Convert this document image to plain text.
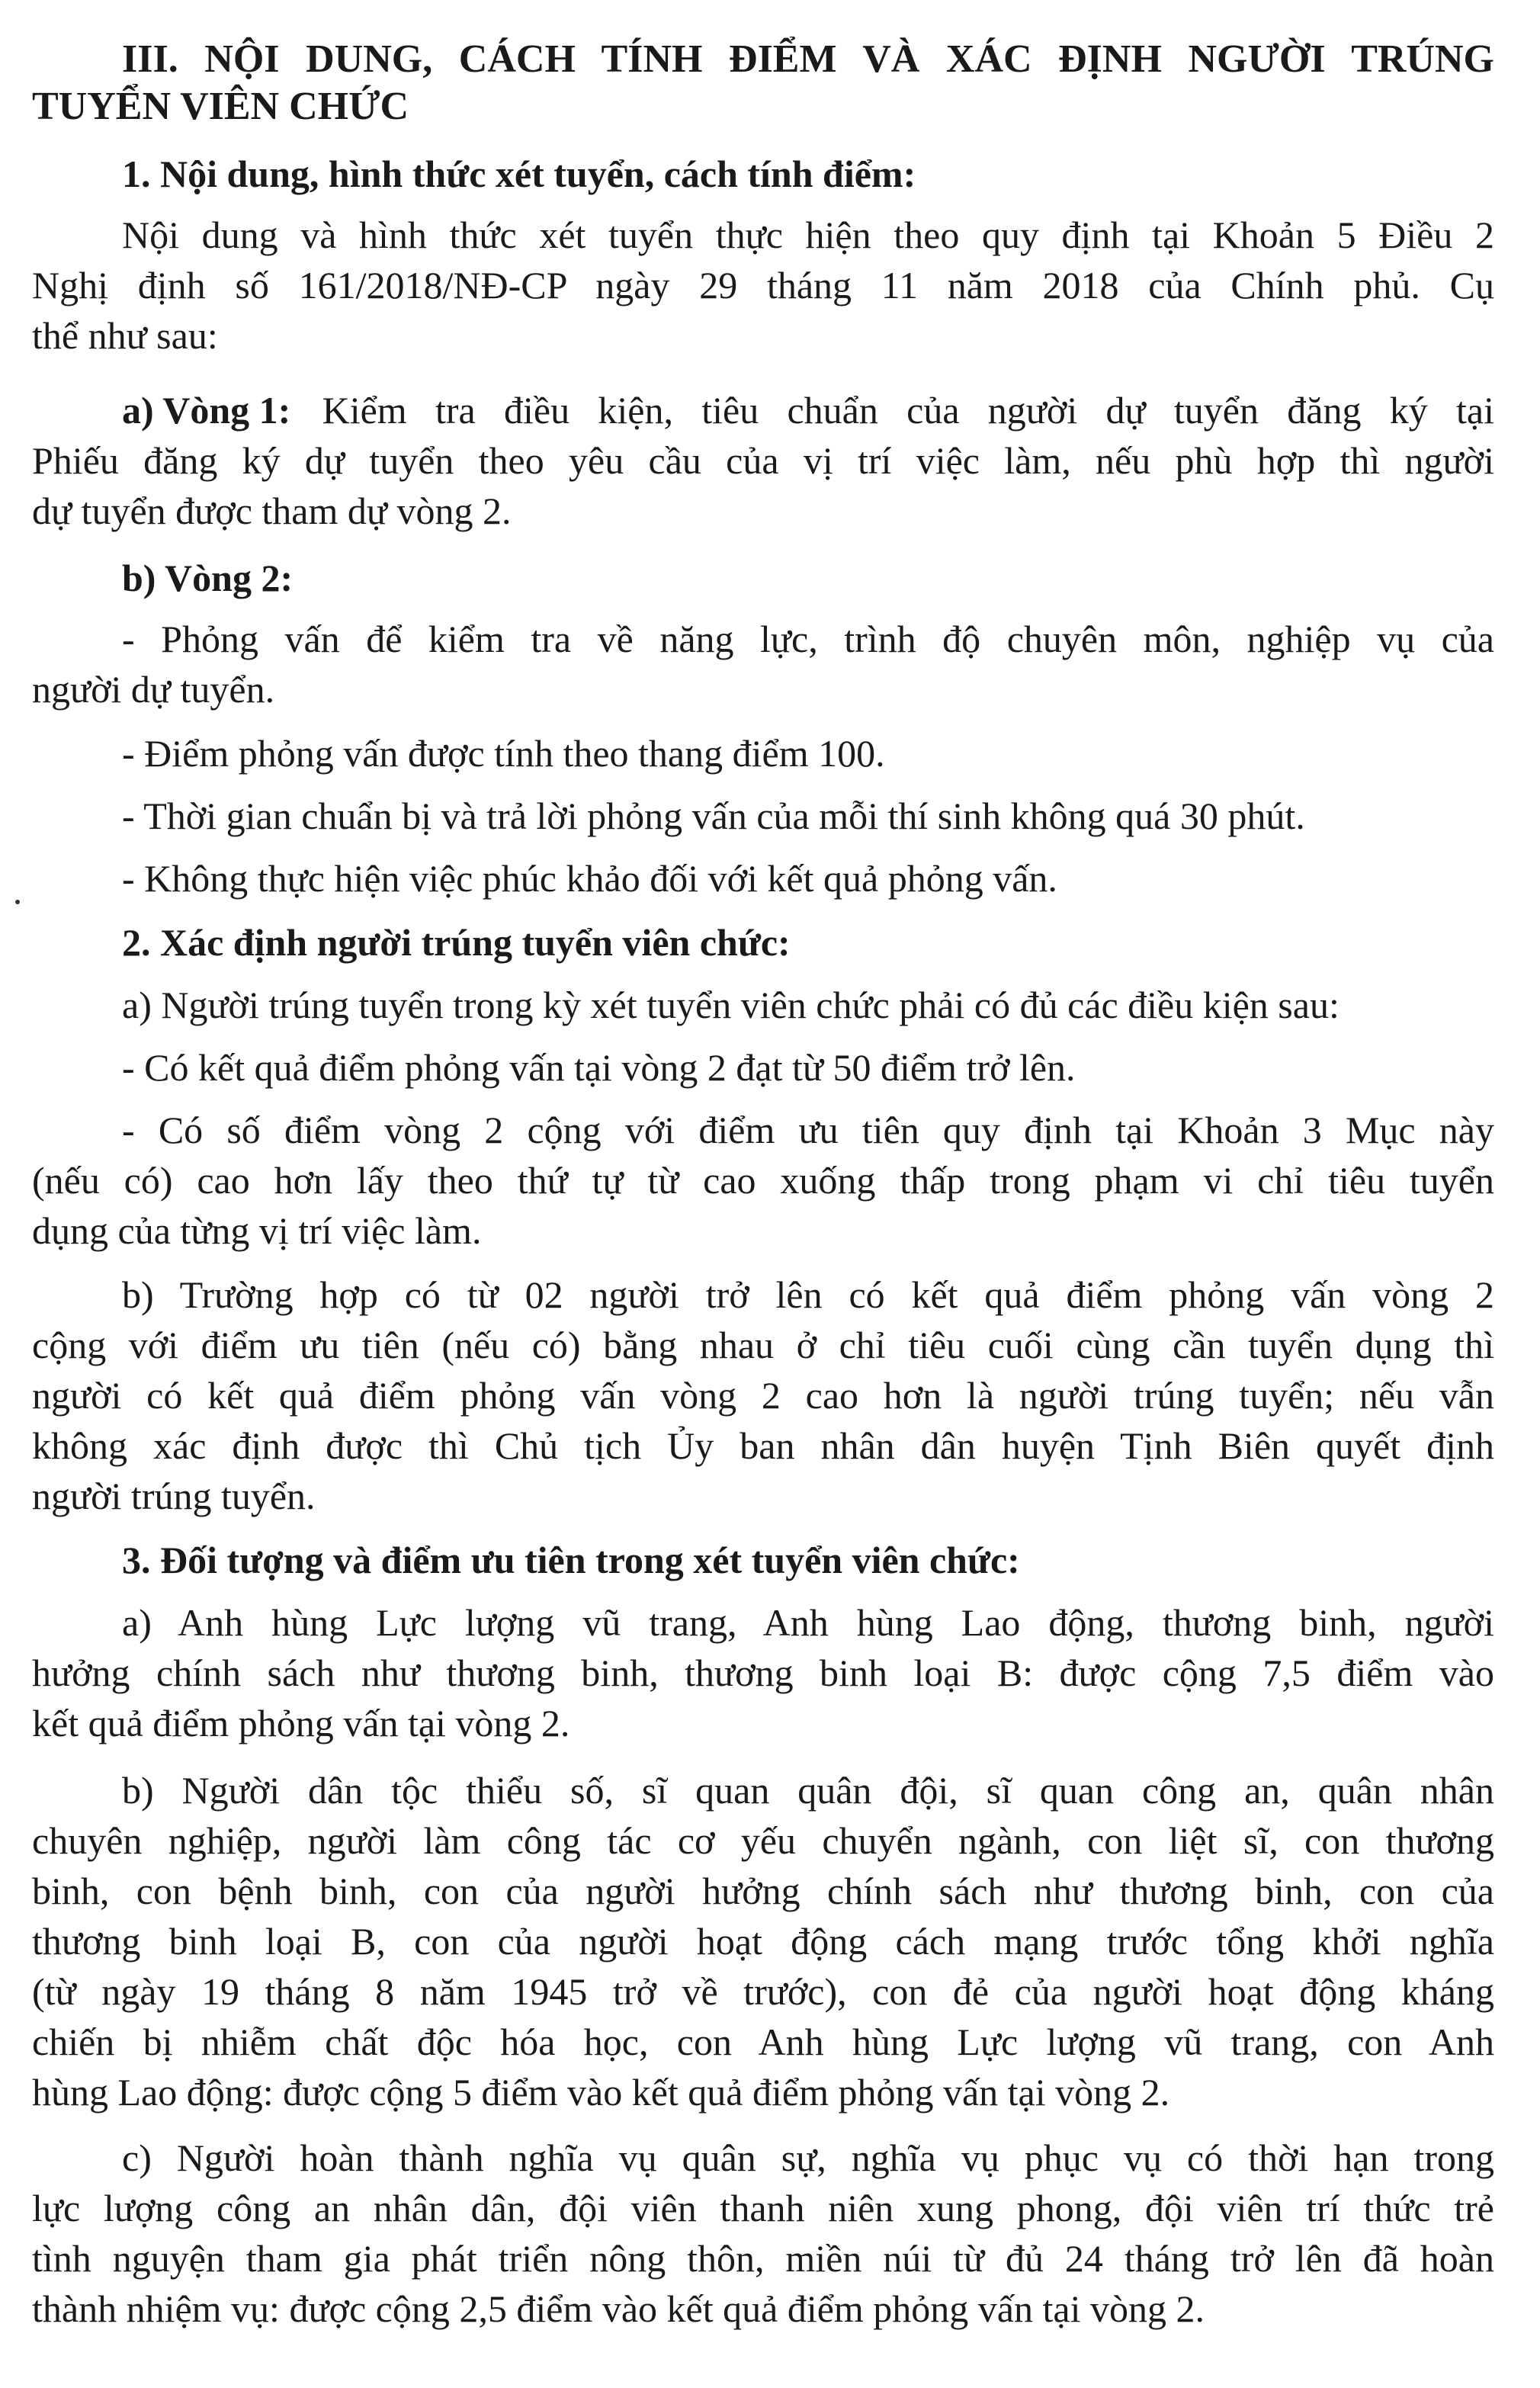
III. NỘI DUNG, CÁCH TÍNH ĐIỂM VÀ XÁC ĐỊNH NGƯỜI TRÚNG
TUYỂN VIÊN CHỨC
1. Nội dung, hình thức xét tuyển, cách tính điểm:
Nội dung và hình thức xét tuyển thực hiện theo quy định tại Khoản 5 Điều 2
Nghị định số 161/2018/NĐ-CP ngày 29 tháng 11 năm 2018 của Chính phủ. Cụ
thể như sau:
a) Vòng 1: Kiểm tra điều kiện, tiêu chuẩn của người dự tuyển đăng ký tại
Phiếu đăng ký dự tuyển theo yêu cầu của vị trí việc làm, nếu phù hợp thì người
dự tuyển được tham dự vòng 2.
b) Vòng 2:
- Phỏng vấn để kiểm tra về năng lực, trình độ chuyên môn, nghiệp vụ của
người dự tuyển.
- Điểm phỏng vấn được tính theo thang điểm 100.
- Thời gian chuẩn bị và trả lời phỏng vấn của mỗi thí sinh không quá 30 phút.
- Không thực hiện việc phúc khảo đối với kết quả phỏng vấn.
2. Xác định người trúng tuyển viên chức:
a) Người trúng tuyển trong kỳ xét tuyển viên chức phải có đủ các điều kiện sau:
- Có kết quả điểm phỏng vấn tại vòng 2 đạt từ 50 điểm trở lên.
- Có số điểm vòng 2 cộng với điểm ưu tiên quy định tại Khoản 3 Mục này
(nếu có) cao hơn lấy theo thứ tự từ cao xuống thấp trong phạm vi chỉ tiêu tuyển
dụng của từng vị trí việc làm.
b) Trường hợp có từ 02 người trở lên có kết quả điểm phỏng vấn vòng 2
cộng với điểm ưu tiên (nếu có) bằng nhau ở chỉ tiêu cuối cùng cần tuyển dụng thì
người có kết quả điểm phỏng vấn vòng 2 cao hơn là người trúng tuyển; nếu vẫn
không xác định được thì Chủ tịch Ủy ban nhân dân huyện Tịnh Biên quyết định
người trúng tuyển.
3. Đối tượng và điểm ưu tiên trong xét tuyển viên chức:
a) Anh hùng Lực lượng vũ trang, Anh hùng Lao động, thương binh, người
hưởng chính sách như thương binh, thương binh loại B: được cộng 7,5 điểm vào
kết quả điểm phỏng vấn tại vòng 2.
b) Người dân tộc thiểu số, sĩ quan quân đội, sĩ quan công an, quân nhân
chuyên nghiệp, người làm công tác cơ yếu chuyển ngành, con liệt sĩ, con thương
binh, con bệnh binh, con của người hưởng chính sách như thương binh, con của
thương binh loại B, con của người hoạt động cách mạng trước tổng khởi nghĩa
(từ ngày 19 tháng 8 năm 1945 trở về trước), con đẻ của người hoạt động kháng
chiến bị nhiễm chất độc hóa học, con Anh hùng Lực lượng vũ trang, con Anh
hùng Lao động: được cộng 5 điểm vào kết quả điểm phỏng vấn tại vòng 2.
c) Người hoàn thành nghĩa vụ quân sự, nghĩa vụ phục vụ có thời hạn trong
lực lượng công an nhân dân, đội viên thanh niên xung phong, đội viên trí thức trẻ
tình nguyện tham gia phát triển nông thôn, miền núi từ đủ 24 tháng trở lên đã hoàn
thành nhiệm vụ: được cộng 2,5 điểm vào kết quả điểm phỏng vấn tại vòng 2.
